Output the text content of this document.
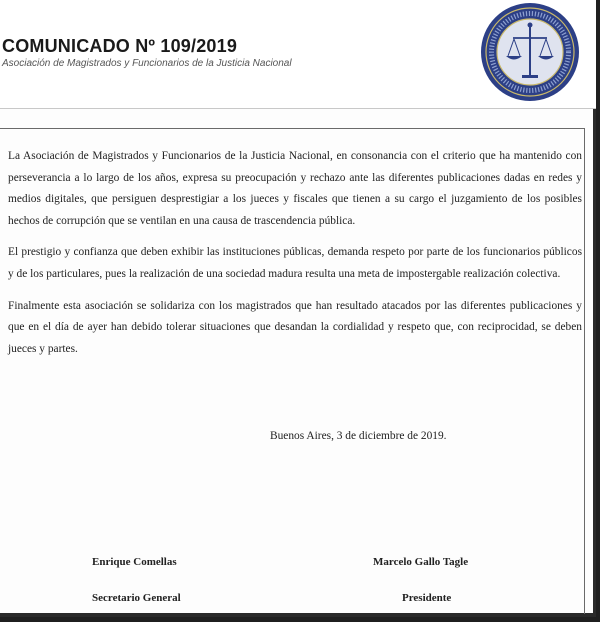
COMUNICADO Nº 109/2019
Asociación de Magistrados y Funcionarios de la Justicia Nacional

La Asociación de Magistrados y Funcionarios de la Justicia Nacional, en consonancia con el criterio que ha mantenido con perseverancia a lo largo de los años, expresa su preocupación y rechazo ante las diferentes publicaciones dadas en redes y medios digitales, que persiguen desprestigiar a los jueces y fiscales que tienen a su cargo el juzgamiento de los posibles hechos de corrupción que se ventilan en una causa de trascendencia pública.

El prestigio y confianza que deben exhibir las instituciones públicas, demanda respeto por parte de los funcionarios públicos y de los particulares, pues la realización de una sociedad madura resulta una meta de impostergable realización colectiva.

Finalmente esta asociación se solidariza con los magistrados que han resultado atacados por las diferentes publicaciones y que en el día de ayer han debido tolerar situaciones que desandan la cordialidad y respeto que, con reciprocidad, se deben jueces y partes.

Buenos Aires, 3 de diciembre de 2019.
Enrique Comellas
Secretario General
Marcelo Gallo Tagle
Presidente
